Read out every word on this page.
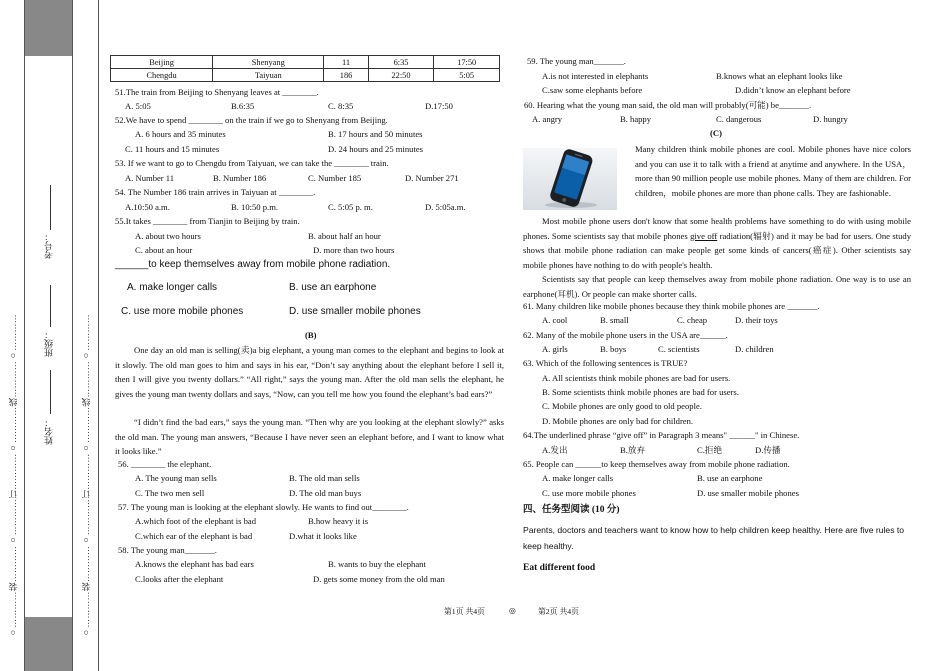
○…………装…………○…………订…………○…………线…………○…………	○…………装…………○…………订…………○…………线…………○…………
考号：
班级：
姓名：
Beijing	Shenyang	11	6:35	17:50
Chengdu	Taiyuan	186	22:50	5:05
51.The train from Beijing to Shenyang leaves at ________.
A. 5:05	B.6:35	C. 8:35	D.17:50
52.We have to spend ________ on the train if we go to Shenyang from Beijing.
A. 6 hours and 35 minutes	B. 17 hours and 50 minutes
C. 11 hours and 15 minutes	D. 24 hours and 25 minutes
53. If we want to go to Chengdu from Taiyuan, we can take the ________ train.
A. Number 11	B. Number 186	C. Number 185	D. Number 271
54. The Number 186 train arrives in Taiyuan at ________.
A.10:50 a.m.	B. 10:50 p.m.	C. 5:05 p. m.	D. 5:05a.m.
55.It takes ________ from Tianjin to Beijing by train.
A. about two hours	B. about half an hour
C. about an hour	D. more than two hours
______to keep themselves away from mobile phone radiation.
A. make longer calls	B. use an earphone
C. use more mobile phones	D. use smaller mobile phones
(B)
One day an old man is selling(卖)a big elephant, a young man comes to the elephant and begins to look at it slowly. The old man goes to him and says in his ear, “Don’t say anything about the elephant before I sell it, then I will give you twenty dollars.” “All right,” says the young man. After the old man sells the elephant, he gives the young man twenty dollars and says, “Now, can you tell me how you found the elephant’s bad ears?”
“I didn’t find the bad ears,” says the young man. “Then why are you looking at the elephant slowly?” asks the old man. The young man answers, “Because I have never seen an elephant before, and I want to know what it looks like.”
56. ________ the elephant.
A. The young man sells	B. The old man sells
C. The two men sell	D. The old man buys
57. The young man is looking at the elephant slowly. He wants to find out________.
A.which foot of the elephant is bad	B.how heavy it is
C.which ear of the elephant is bad	D.what it looks like
58. The young man_______.
A.knows the elephant has bad ears	B. wants to buy the elephant
C.looks after the elephant	D. gets some money from the old man
59. The young man_______.
A.is not interested in elephants	B.knows what an elephant looks like
C.saw some elephants before	D.didn’t know an elephant before
60. Hearing what the young man said, the old man will probably(可能) be_______.
A. angry	B. happy	C. dangerous	D. hungry
(C)
Many children think mobile phones are cool. Mobile phones have nice colors and you can use it to talk with a friend at anytime and anywhere. In the USA， more than 90 million people use mobile phones. Many of them are children. For children，mobile phones are more than phone calls. They are fashionable.
Most mobile phone users don't know that some health problems have something to do with using mobile phones. Some scientists say that mobile phones give off radiation(辐射) and it may be bad for users. One study shows that mobile phone radiation can make people get some kinds of cancers(癌症). Other scientists say mobile phones have nothing to do with people's health.
Scientists say that people can keep themselves away from mobile phone radiation. One way is to use an earphone(耳机). Or people can make shorter calls.
61. Many children like mobile phones because they think mobile phones are _______.
A. cool	B. small	C. cheap	D. their toys
62. Many of the mobile phone users in the USA are______.
A. girls	B. boys	C. scientists	D. children
63. Which of the following sentences is TRUE?
A. All scientists think mobile phones are bad for users.
B. Some scientists think mobile phones are bad for users.
C. Mobile phones are only good to old people.
D. Mobile phones are only bad for children.
64.The underlined phrase “give off” in Paragraph 3 means" ______" in Chinese.
A.发出	B.放弃	C.拒绝	D.传播
65. People can ______to keep themselves away from mobile phone radiation.
A. make longer calls	B. use an earphone
C. use more mobile phones	D. use smaller mobile phones
四、任务型阅读 (10 分)
Parents, doctors and teachers want to know how to help children keep healthy. Here are five rules to keep healthy.
Eat different food
第1页 共4页	◎	第2页 共4页
